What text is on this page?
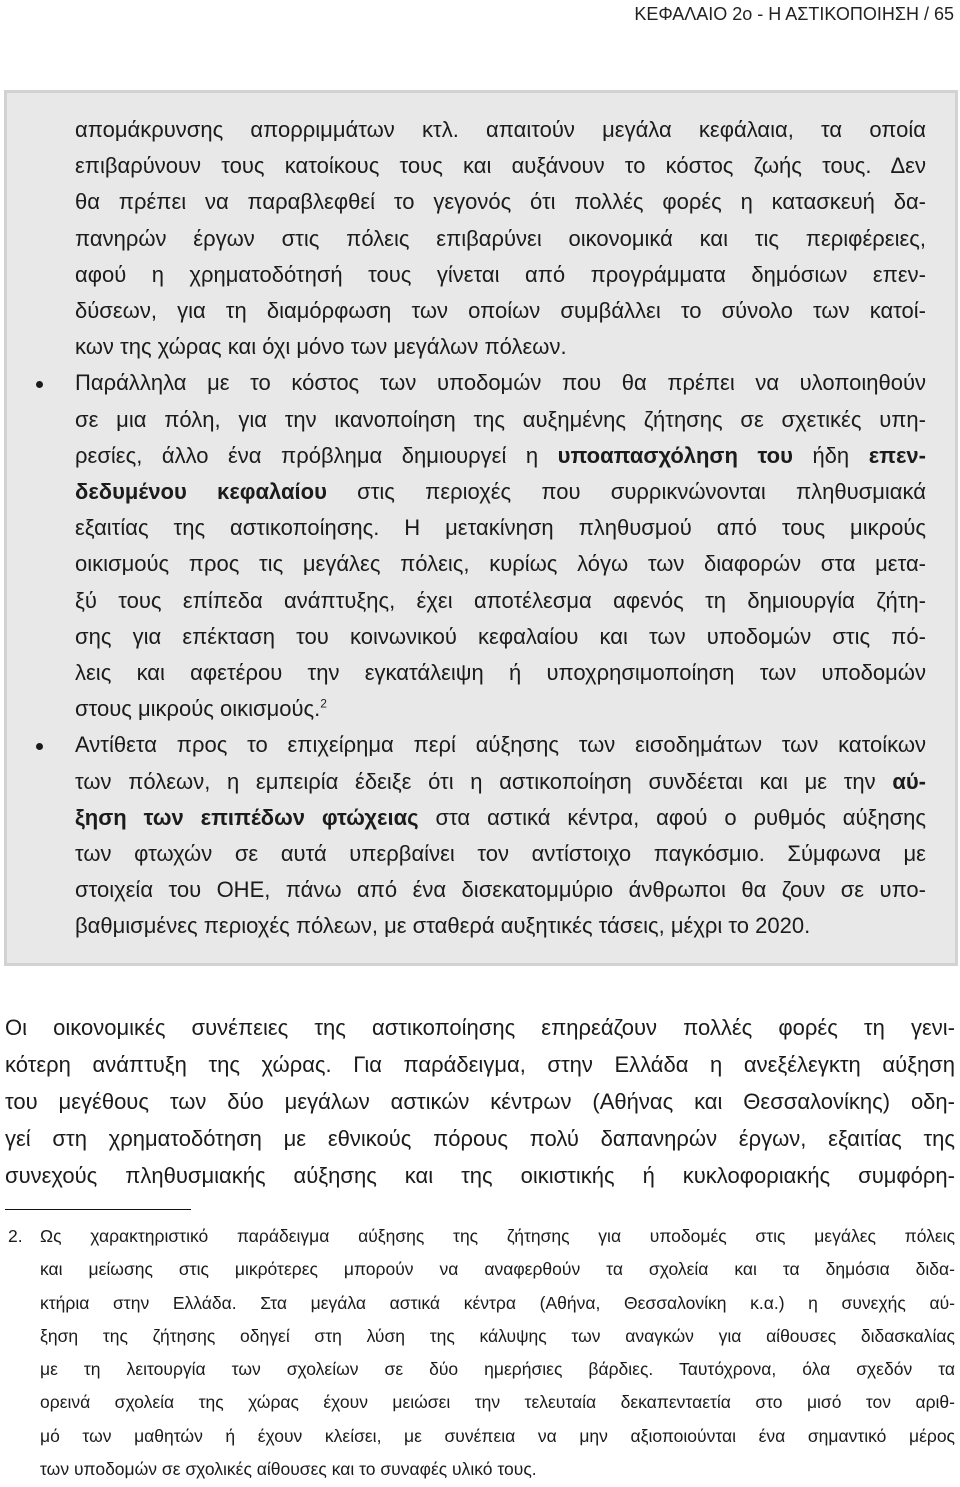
ΚΕΦΑΛΑΙΟ 2ο - Η ΑΣΤΙΚΟΠΟΙΗΣΗ / 65
απομάκρυνσης απορριμμάτων κτλ. απαιτούν μεγάλα κεφάλαια, τα οποία
επιβαρύνουν τους κατοίκους τους και αυξάνουν το κόστος ζωής τους. Δεν
θα πρέπει να παραβλεφθεί το γεγονός ότι πολλές φορές η κατασκευή δα-
πανηρών έργων στις πόλεις επιβαρύνει οικονομικά και τις περιφέρειες,
αφού η χρηματοδότησή τους γίνεται από προγράμματα δημόσιων επεν-
δύσεων, για τη διαμόρφωση των οποίων συμβάλλει το σύνολο των κατοί-
κων της χώρας και όχι μόνο των μεγάλων πόλεων.
Παράλληλα με το κόστος των υποδομών που θα πρέπει να υλοποιηθούν
σε μια πόλη, για την ικανοποίηση της αυξημένης ζήτησης σε σχετικές υπη-
ρεσίες, άλλο ένα πρόβλημα δημιουργεί η υποαπασχόληση του ήδη επεν-
δεδυμένου κεφαλαίου στις περιοχές που συρρικνώνονται πληθυσμιακά
εξαιτίας της αστικοποίησης. Η μετακίνηση πληθυσμού από τους μικρούς
οικισμούς προς τις μεγάλες πόλεις, κυρίως λόγω των διαφορών στα μετα-
ξύ τους επίπεδα ανάπτυξης, έχει αποτέλεσμα αφενός τη δημιουργία ζήτη-
σης για επέκταση του κοινωνικού κεφαλαίου και των υποδομών στις πό-
λεις και αφετέρου την εγκατάλειψη ή υποχρησιμοποίηση των υποδομών
στους μικρούς οικισμούς.$^2$
Αντίθετα προς το επιχείρημα περί αύξησης των εισοδημάτων των κατοίκων
των πόλεων, η εμπειρία έδειξε ότι η αστικοποίηση συνδέεται και με την αύ-
ξηση των επιπέδων φτώχειας στα αστικά κέντρα, αφού ο ρυθμός αύξησης
των φτωχών σε αυτά υπερβαίνει τον αντίστοιχο παγκόσμιο. Σύμφωνα με
στοιχεία του ΟΗΕ, πάνω από ένα δισεκατομμύριο άνθρωποι θα ζουν σε υπο-
βαθμισμένες περιοχές πόλεων, με σταθερά αυξητικές τάσεις, μέχρι το 2020.
Οι οικονομικές συνέπειες της αστικοποίησης επηρεάζουν πολλές φορές τη γενι-
κότερη ανάπτυξη της χώρας. Για παράδειγμα, στην Ελλάδα η ανεξέλεγκτη αύξηση
του μεγέθους των δύο μεγάλων αστικών κέντρων (Αθήνας και Θεσσαλονίκης) οδη-
γεί στη χρηματοδότηση με εθνικούς πόρους πολύ δαπανηρών έργων, εξαιτίας της
συνεχούς πληθυσμιακής αύξησης και της οικιστικής ή κυκλοφοριακής συμφόρη-
2. Ως χαρακτηριστικό παράδειγμα αύξησης της ζήτησης για υποδομές στις μεγάλες πόλεις
και μείωσης στις μικρότερες μπορούν να αναφερθούν τα σχολεία και τα δημόσια διδα-
κτήρια στην Ελλάδα. Στα μεγάλα αστικά κέντρα (Αθήνα, Θεσσαλονίκη κ.α.) η συνεχής αύ-
ξηση της ζήτησης οδηγεί στη λύση της κάλυψης των αναγκών για αίθουσες διδασκαλίας
με τη λειτουργία των σχολείων σε δύο ημερήσιες βάρδιες. Ταυτόχρονα, όλα σχεδόν τα
ορεινά σχολεία της χώρας έχουν μειώσει την τελευταία δεκαπενταετία στο μισό τον αριθ-
μό των μαθητών ή έχουν κλείσει, με συνέπεια να μην αξιοποιούνται ένα σημαντικό μέρος
των υποδομών σε σχολικές αίθουσες και το συναφές υλικό τους.
